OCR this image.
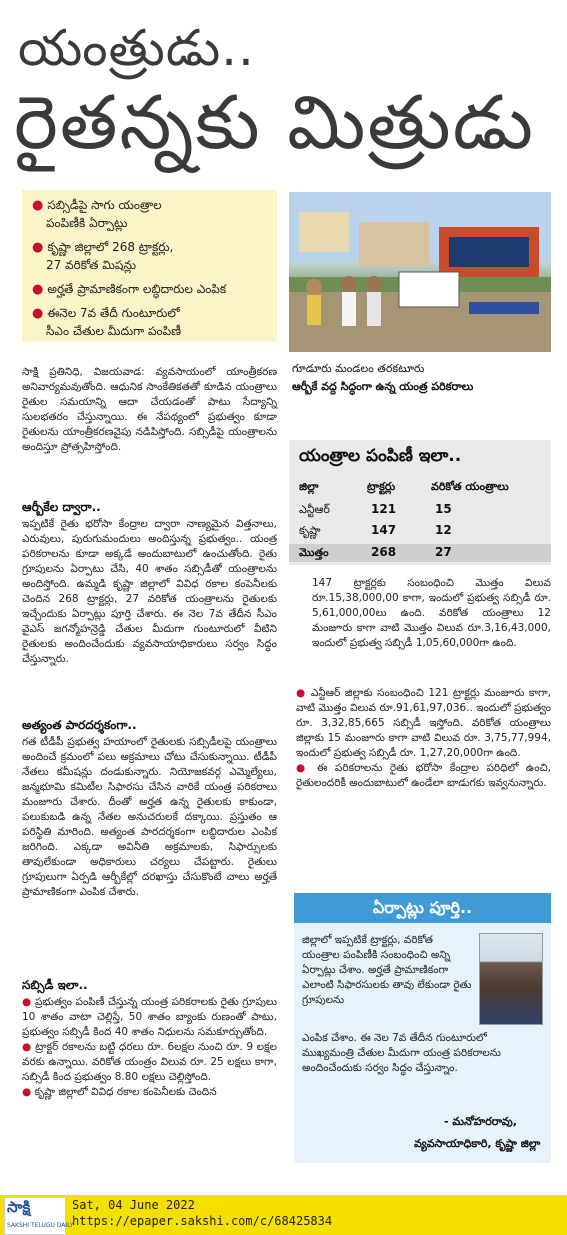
యంత్రుడు..
రైతన్నకు మిత్రుడు
● సబ్సిడీపై సాగు యంత్రాల
పంపిణీకి ఏర్పాట్లు
● కృష్ణా జిల్లాలో 268 ట్రాక్టర్లు,
27 వరికోత మిషన్లు
● అర్హతే ప్రామాణికంగా లబ్ధిదారుల ఎంపిక
● ఈనెల 7వ తేదీ గుంటూరులో
సీఎం చేతుల మీదుగా పంపిణీ
గూడూరు మండలం తరకటూరు
ఆర్బీకే వద్ద సిద్ధంగా ఉన్న యంత్ర పరికరాలు
యంత్రాల పంపిణీ ఇలా..
జిల్లా	ట్రాక్టర్లు	వరికోత యంత్రాలు
ఎన్టీఆర్	121	15
కృష్ణా	147	12
మొత్తం	268	27
సాక్షి ప్రతినిధి, విజయవాడ: వ్యవసాయంలో యాంత్రీకరణ అనివార్యమవుతోంది. ఆధునిక సాంకేతికతతో కూడిన యంత్రాలు రైతుల సమయాన్ని ఆదా చేయడంతో పాటు సేద్యాన్ని సులభతరం చేస్తున్నాయి. ఈ నేపథ్యంలో ప్రభుత్వం కూడా రైతులను యాంత్రీకరణవైపు నడిపిస్తోంది. సబ్సిడీపై యంత్రాలను అందిస్తూ ప్రోత్సహిస్తోంది.
ఆర్బీకేల ద్వారా..
ఇప్పటికే రైతు భరోసా కేంద్రాల ద్వారా నాణ్యమైన విత్తనాలు, ఎరువులు, పురుగుమందులు అందిస్తున్న ప్రభుత్వం.. యంత్ర పరికరాలను కూడా అక్కడే అందుబాటులో ఉంచుతోంది. రైతు గ్రూపులను ఏర్పాటు చేసి, 40 శాతం సబ్సిడీతో యంత్రాలను అందిస్తోంది. ఉమ్మడి కృష్ణా జిల్లాలో వివిధ రకాల కంపెనీలకు చెందిన 268 ట్రాక్టర్లు, 27 వరికోత యంత్రాలను రైతులకు ఇచ్చేందుకు ఏర్పాట్లు పూర్తి చేశారు. ఈ నెల 7వ తేదీన సీఎం వైఎస్ జగన్మోహన్రెడ్డి చేతుల మీదుగా గుంటూరులో వీటిని రైతులకు అందించేందుకు వ్యవసాయాధికారులు సర్వం సిద్ధం చేస్తున్నారు.
అత్యంత పారదర్శకంగా..
గత టీడీపీ ప్రభుత్వ హయాంలో రైతులకు సబ్సిడీలపై యంత్రాలు అందించే క్రమంలో పలు అక్రమాలు చోటు చేసుకున్నాయి. టీడీపీ నేతలు కమీషన్లు దండుకున్నారు. నియోజకవర్గ ఎమ్మెల్యేలు, జన్మభూమి కమిటీల సిఫారసు చేసిన వారికే యంత్ర పరికరాలు మంజూరు చేశారు. దీంతో అర్హత ఉన్న రైతులకు కాకుండా, పలుకుబడి ఉన్న నేతల అనుచరులకే దక్కాయి. ప్రస్తుతం ఆ పరిస్థితి మారింది. అత్యంత పారదర్శకంగా లబ్ధిదారుల ఎంపిక జరిగింది. ఎక్కడా అవినీతి అక్రమాలకు, సిఫార్సులకు తావులేకుండా అధికారులు చర్యలు చేపట్టారు. రైతులు గ్రూపులుగా ఏర్పడి ఆర్బీకేల్లో దరఖాస్తు చేసుకొంటే చాలు అర్హతే ప్రామాణికంగా ఎంపిక చేశారు.
సబ్సిడీ ఇలా..
● ప్రభుత్వం పంపిణీ చేస్తున్న యంత్ర పరికరాలకు రైతు గ్రూపులు 10 శాతం వాటా చెల్లిస్తే, 50 శాతం బ్యాంకు రుణంతో పాటు, ప్రభుత్వం సబ్సిడీ కింద 40 శాతం నిధులను సమకూర్చుతోంది.
● ట్రాక్టర్ రకాలను బట్టి ధరలు రూ. 6లక్షల నుంచి రూ. 9 లక్షల వరకు ఉన్నాయి. వరికోత యంత్రం విలువ రూ. 25 లక్షలు కాగా, సబ్సిడీ కింద ప్రభుత్వం 8.80 లక్షలు చెల్లిస్తోంది.
● కృష్ణా జిల్లాలో వివిధ రకాల కంపెనీలకు చెందిన
147 ట్రాక్టర్లకు సంబంధించి మొత్తం విలువ రూ.15,38,000,00 కాగా, ఇందులో ప్రభుత్వ సబ్సిడీ రూ. 5,61,000,00లు ఉంది. వరికోత యంత్రాలు 12 మంజూరు కాగా వాటి మొత్తం విలువ రూ.3,16,43,000, ఇందులో ప్రభుత్వ సబ్సిడీ 1,05,60,000గా ఉంది.
● ఎన్టీఆర్ జిల్లాకు సంబంధించి 121 ట్రాక్టర్లు మంజూరు కాగా, వాటి మొత్తం విలువ రూ.91,61,97,036.. ఇందులో ప్రభుత్వం రూ. 3,32,85,665 సబ్సిడీ ఇస్తోంది. వరికోత యంత్రాలు జిల్లాకు 15 మంజూరు కాగా వాటి విలువ రూ. 3,75,77,994, ఇందులో ప్రభుత్వ సబ్సిడీ రూ. 1,27,20,000గా ఉంది.
● ఈ పరికరాలను రైతు భరోసా కేంద్రాల పరిధిలో ఉంచి, రైతులందరికీ అందుబాటులో ఉండేలా బాడుగకు ఇవ్వనున్నారు.
ఏర్పాట్లు పూర్తి..
జిల్లాలో ఇప్పటికే ట్రాక్టర్లు, వరికోత యంత్రాల పంపిణీకి సంబంధించి అన్ని ఏర్పాట్లు చేశాం. అర్హతే ప్రామాణికంగా ఎలాంటి సిఫారసులకు తావు లేకుండా రైతు గ్రూపులను
ఎంపిక చేశాం. ఈ నెల 7వ తేదీన గుంటూరులో ముఖ్యమంత్రి చేతుల మీదుగా యంత్ర పరికరాలను అందించేందుకు సర్వం సిద్ధం చేస్తున్నాం.
- మనోహరరావు,
వ్యవసాయాధికారి, కృష్ణా జిల్లా
సాక్షి
SAKSHI TELUGU DAILY
Sat, 04 June 2022
https://epaper.sakshi.com/c/68425834
